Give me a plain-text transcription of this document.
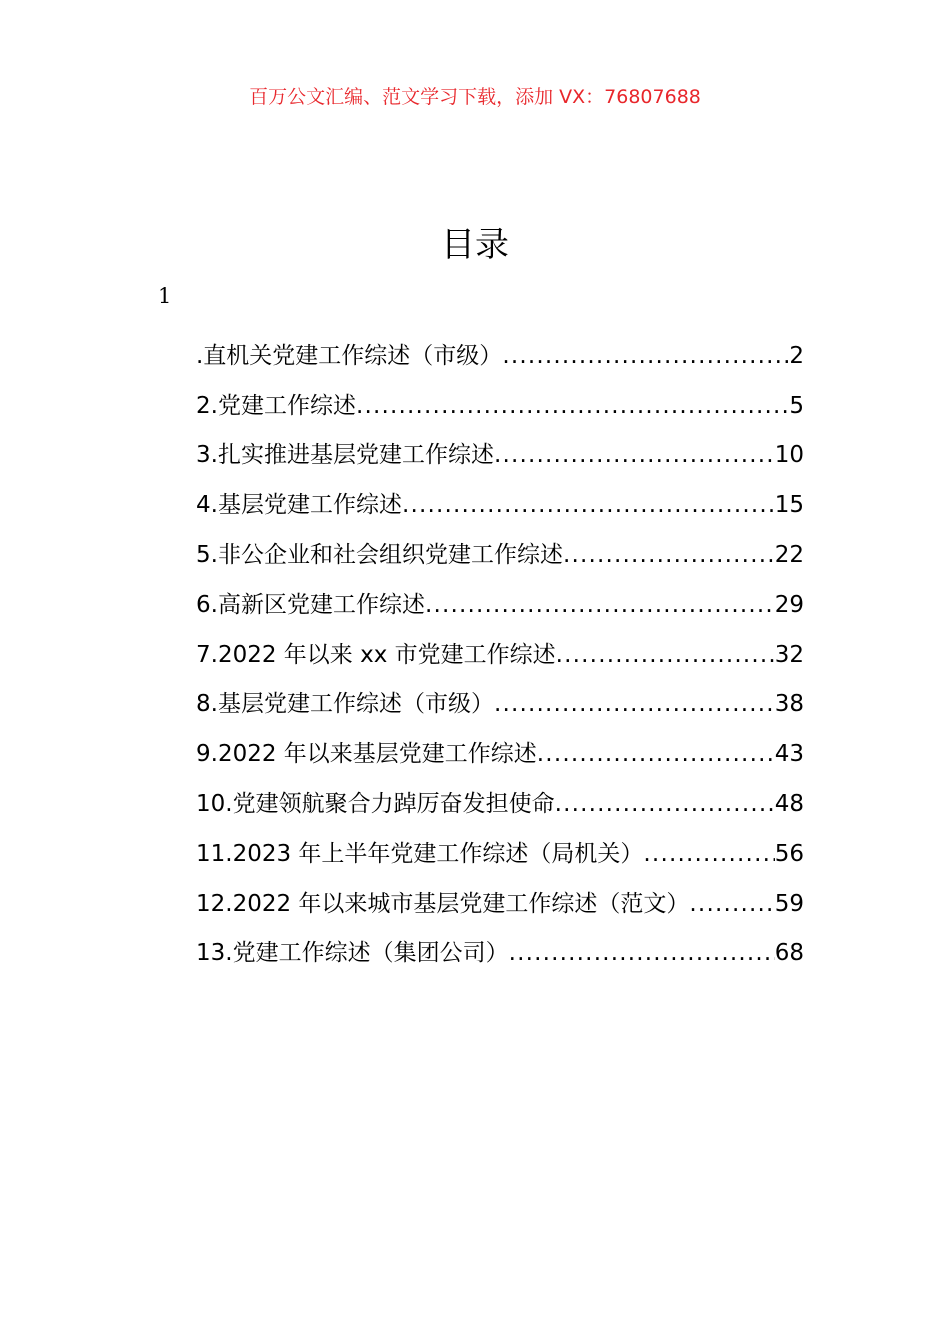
百万公文汇编、范文学习下载，添加 VX：76807688
目录
1
.直机关党建工作综述（市级） .....	2
2.党建工作综述 .....	5
3.扎实推进基层党建工作综述 .....	10
4.基层党建工作综述 .....	15
5.非公企业和社会组织党建工作综述 .....	22
6.高新区党建工作综述 .....	29
7.2022 年以来 xx 市党建工作综述 .....	32
8.基层党建工作综述（市级） .....	38
9.2022 年以来基层党建工作综述 .....	43
10.党建领航聚合力踔厉奋发担使命 .....	48
11.2023 年上半年党建工作综述（局机关） .....	56
12.2022 年以来城市基层党建工作综述（范文） .....	59
13.党建工作综述（集团公司） .....	68
